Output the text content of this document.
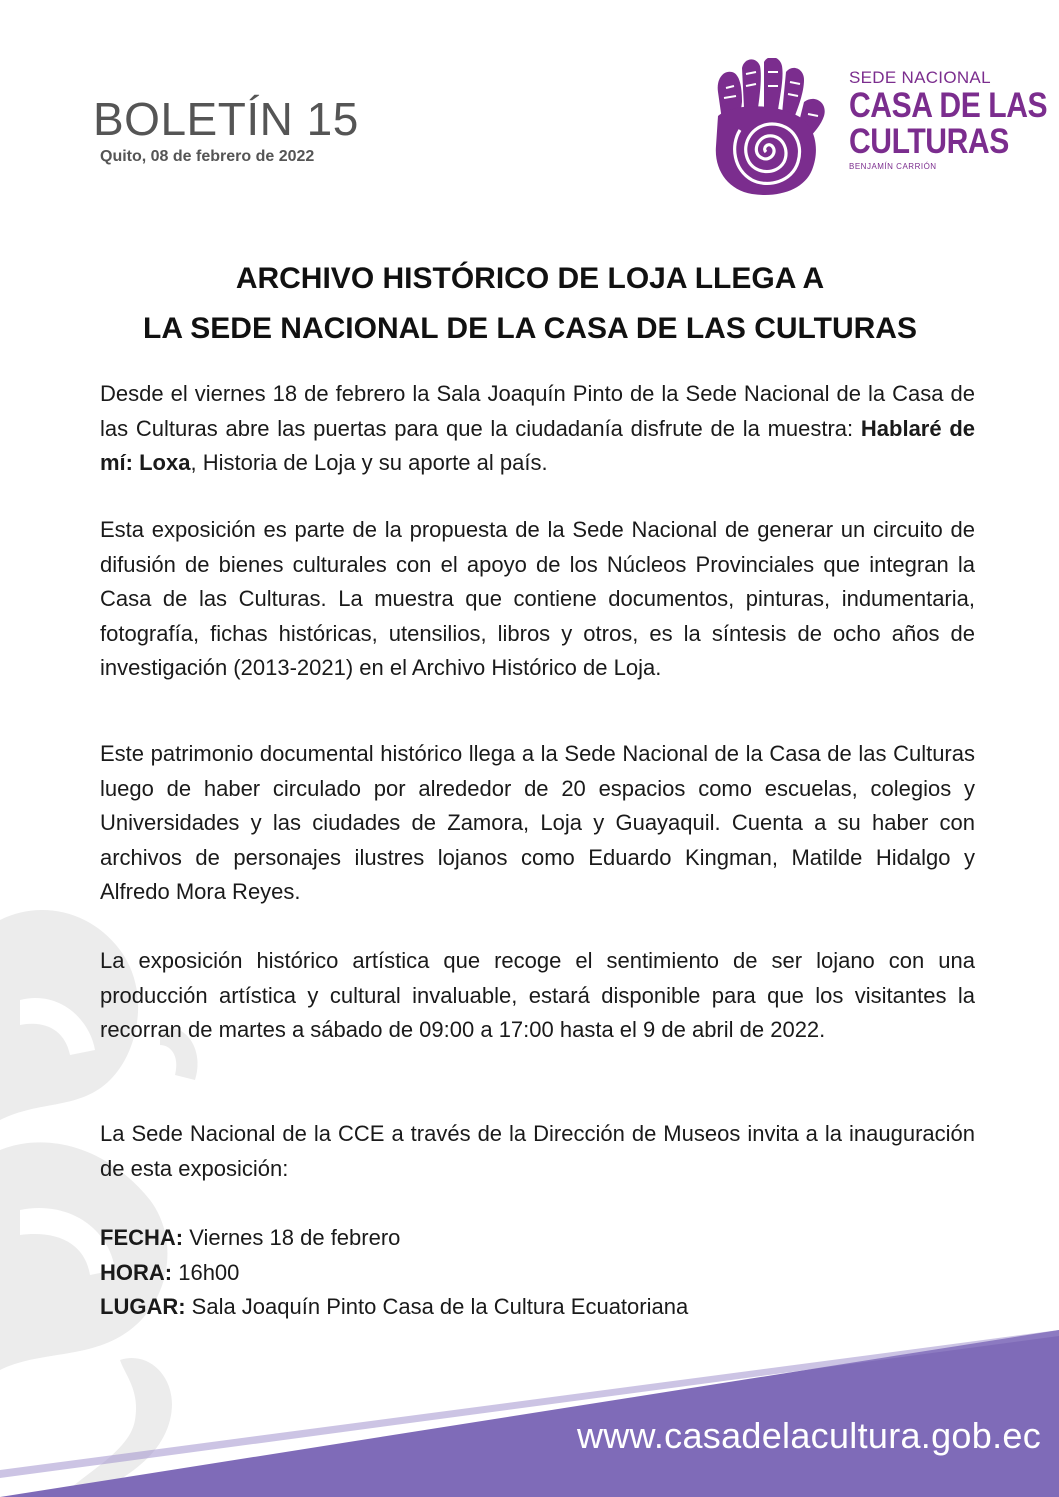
BOLETÍN 15
Quito, 08 de febrero de 2022
SEDE NACIONAL
CASA DE LAS
CULTURAS
BENJAMÍN CARRIÓN
ARCHIVO HISTÓRICO DE LOJA LLEGA A
LA SEDE NACIONAL DE LA CASA DE LAS CULTURAS

Desde el viernes 18 de febrero la Sala Joaquín Pinto de la Sede Nacional de la Casa de las Culturas abre las puertas para que la ciudadanía disfrute de la muestra: Hablaré de mí: Loxa, Historia de Loja y su aporte al país.

Esta exposición es parte de la propuesta de la Sede Nacional de generar un circuito de difusión de bienes culturales con el apoyo de los Núcleos Provinciales que integran la Casa de las Culturas. La muestra que contiene documentos, pinturas, indumentaria, fotografía, fichas históricas, utensilios, libros y otros, es la síntesis de ocho años de investigación (2013-2021) en el Archivo Histórico de Loja.

Este patrimonio documental histórico llega a la Sede Nacional de la Casa de las Culturas luego de haber circulado por alrededor de 20 espacios como escuelas, colegios y Universidades y las ciudades de Zamora, Loja y Guayaquil. Cuenta a su haber con archivos de personajes ilustres lojanos como Eduardo Kingman, Matilde Hidalgo y Alfredo Mora Reyes.

La exposición histórico artística que recoge el sentimiento de ser lojano con una producción artística y cultural invaluable, estará disponible para que los visitantes la recorran de martes a sábado de 09:00 a 17:00 hasta el 9 de abril de 2022.

La Sede Nacional de la CCE a través de la Dirección de Museos invita a la inauguración de esta exposición:

FECHA: Viernes 18 de febrero
HORA: 16h00
LUGAR: Sala Joaquín Pinto Casa de la Cultura Ecuatoriana
www.casadelacultura.gob.ec
